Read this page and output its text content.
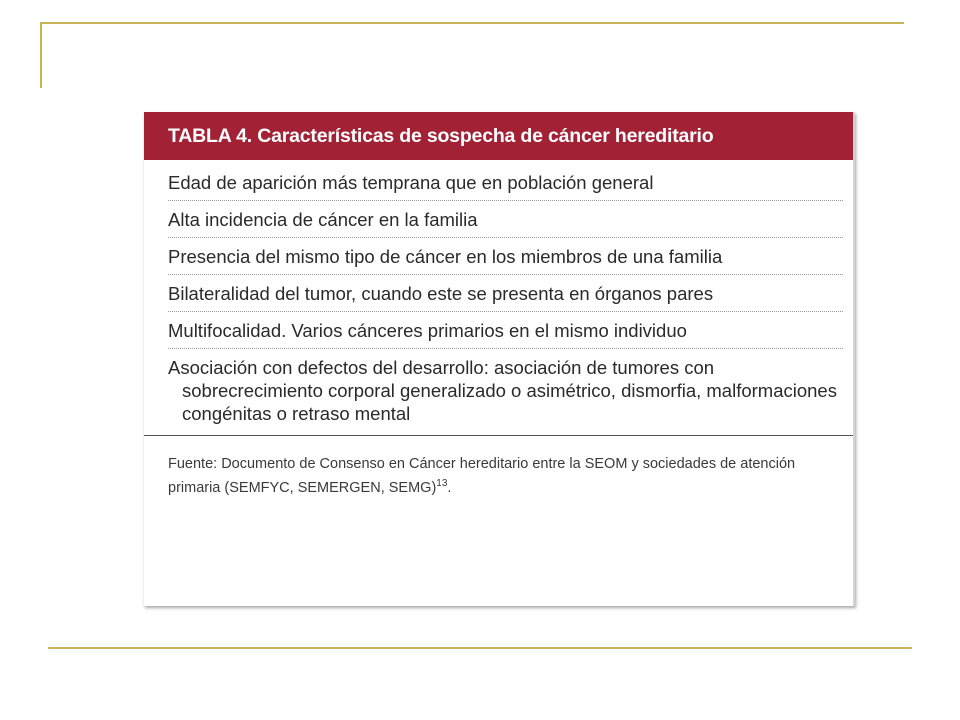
TABLA 4. Características de sospecha de cáncer hereditario
Edad de aparición más temprana que en población general
Alta incidencia de cáncer en la familia
Presencia del mismo tipo de cáncer en los miembros de una familia
Bilateralidad del tumor, cuando este se presenta en órganos pares
Multifocalidad. Varios cánceres primarios en el mismo individuo
Asociación con defectos del desarrollo: asociación de tumores con sobrecrecimiento corporal generalizado o asimétrico, dismorfia, malformaciones congénitas o retraso mental
Fuente: Documento de Consenso en Cáncer hereditario entre la SEOM y sociedades de atención primaria (SEMFYC, SEMERGEN, SEMG)$^{13}$.
